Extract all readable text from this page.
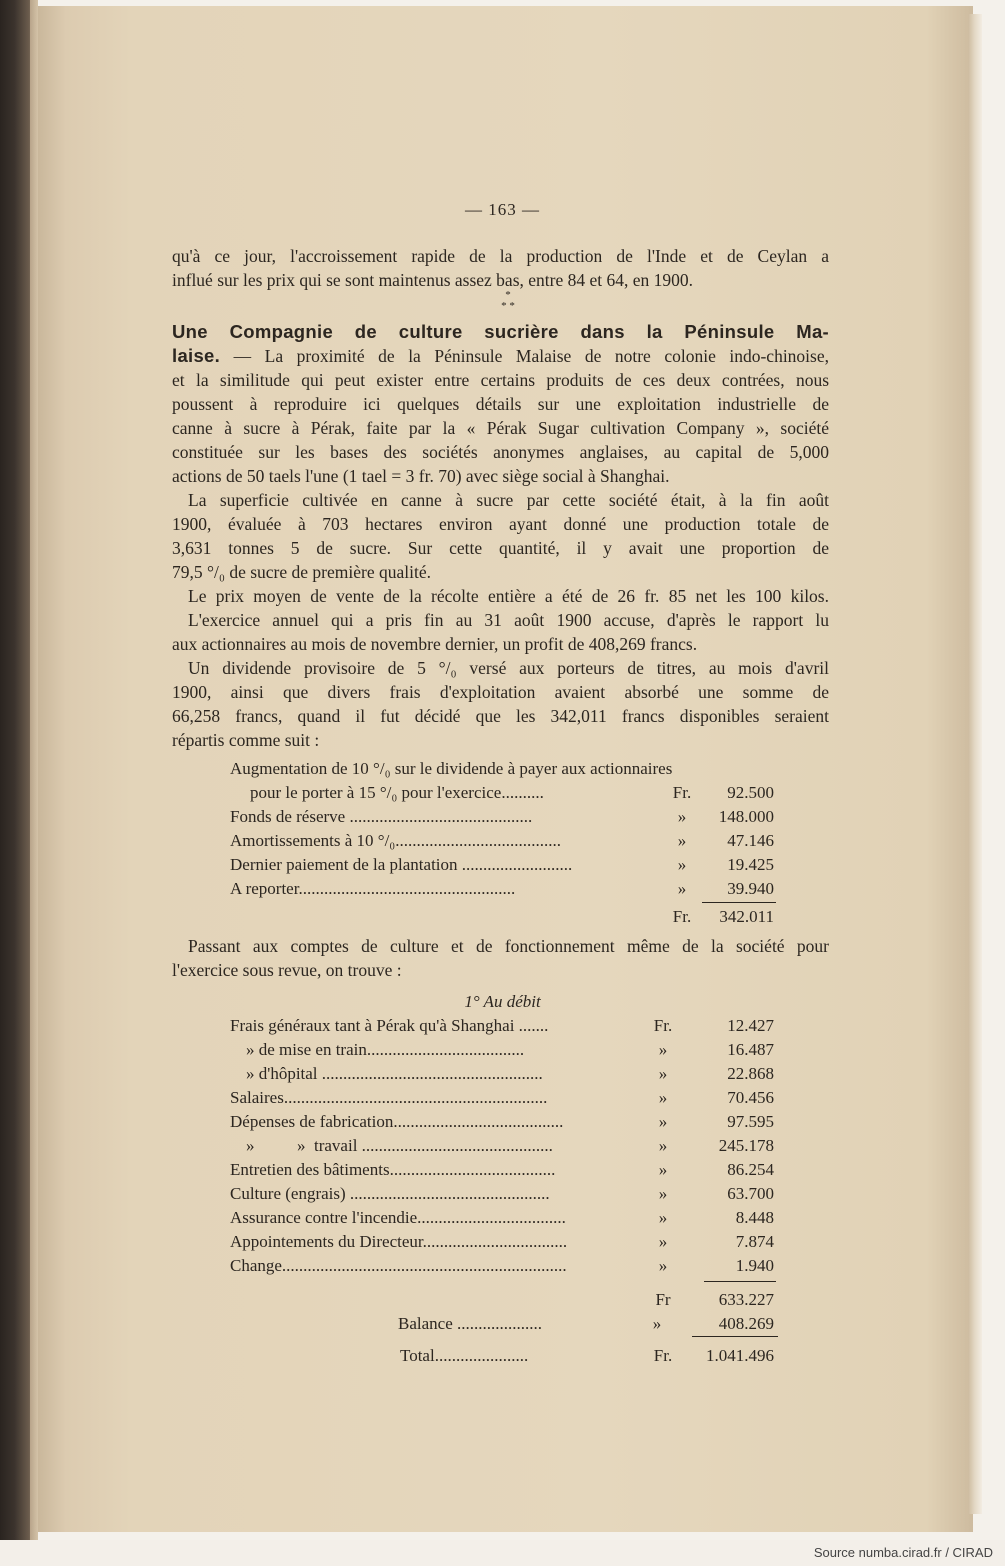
— 163 —
qu'à ce jour, l'accroissement rapide de la production de l'Inde et de Ceylan a
influé sur les prix qui se sont maintenus assez bas, entre 84 et 64, en 1900.
*
* *
Une Compagnie de culture sucrière dans la Péninsule Ma-
laise. — La proximité de la Péninsule Malaise de notre colonie indo-chinoise,
et la similitude qui peut exister entre certains produits de ces deux contrées, nous
poussent à reproduire ici quelques détails sur une exploitation industrielle de
canne à sucre à Pérak, faite par la « Pérak Sugar cultivation Company », société
constituée sur les bases des sociétés anonymes anglaises, au capital de 5,000
actions de 50 taels l'une (1 tael = 3 fr. 70) avec siège social à Shanghai.
La superficie cultivée en canne à sucre par cette société était, à la fin août
1900, évaluée à 703 hectares environ ayant donné une production totale de
3,631 tonnes 5 de sucre. Sur cette quantité, il y avait une proportion de
79,5 °/₀ de sucre de première qualité.
Le prix moyen de vente de la récolte entière a été de 26 fr. 85 net les 100 kilos.
L'exercice annuel qui a pris fin au 31 août 1900 accuse, d'après le rapport lu
aux actionnaires au mois de novembre dernier, un profit de 408,269 francs.
Un dividende provisoire de 5 °/₀ versé aux porteurs de titres, au mois d'avril
1900, ainsi que divers frais d'exploitation avaient absorbé une somme de
66,258 francs, quand il fut décidé que les 342,011 francs disponibles seraient
répartis comme suit :
Augmentation de 10 °/₀ sur le dividende à payer aux actionnaires
pour le porter à 15 °/₀ pour l'exercice..........	Fr.	92.500
Fonds de réserve ...........................................	»	148.000
Amortissements à 10 °/₀.......................................	»	47.146
Dernier paiement de la plantation ..........................	»	19.425
A reporter...................................................	»	39.940
Fr.	342.011
Passant aux comptes de culture et de fonctionnement même de la société pour
l'exercice sous revue, on trouve :
1° Au débit
Frais généraux tant à Pérak qu'à Shanghai .......	Fr.	12.427
» de mise en train.....................................	»	16.487
» d'hôpital ....................................................	»	22.868
Salaires..............................................................	»	70.456
Dépenses de fabrication........................................	»	97.595
»          »  travail .............................................	»	245.178
Entretien des bâtiments.......................................	»	86.254
Culture (engrais) ...............................................	»	63.700
Assurance contre l'incendie...................................	»	8.448
Appointements du Directeur..................................	»	7.874
Change...................................................................	»	1.940
Fr	633.227
Balance ....................	»	408.269
Total......................	Fr.	1.041.496
Source numba.cirad.fr / CIRAD
